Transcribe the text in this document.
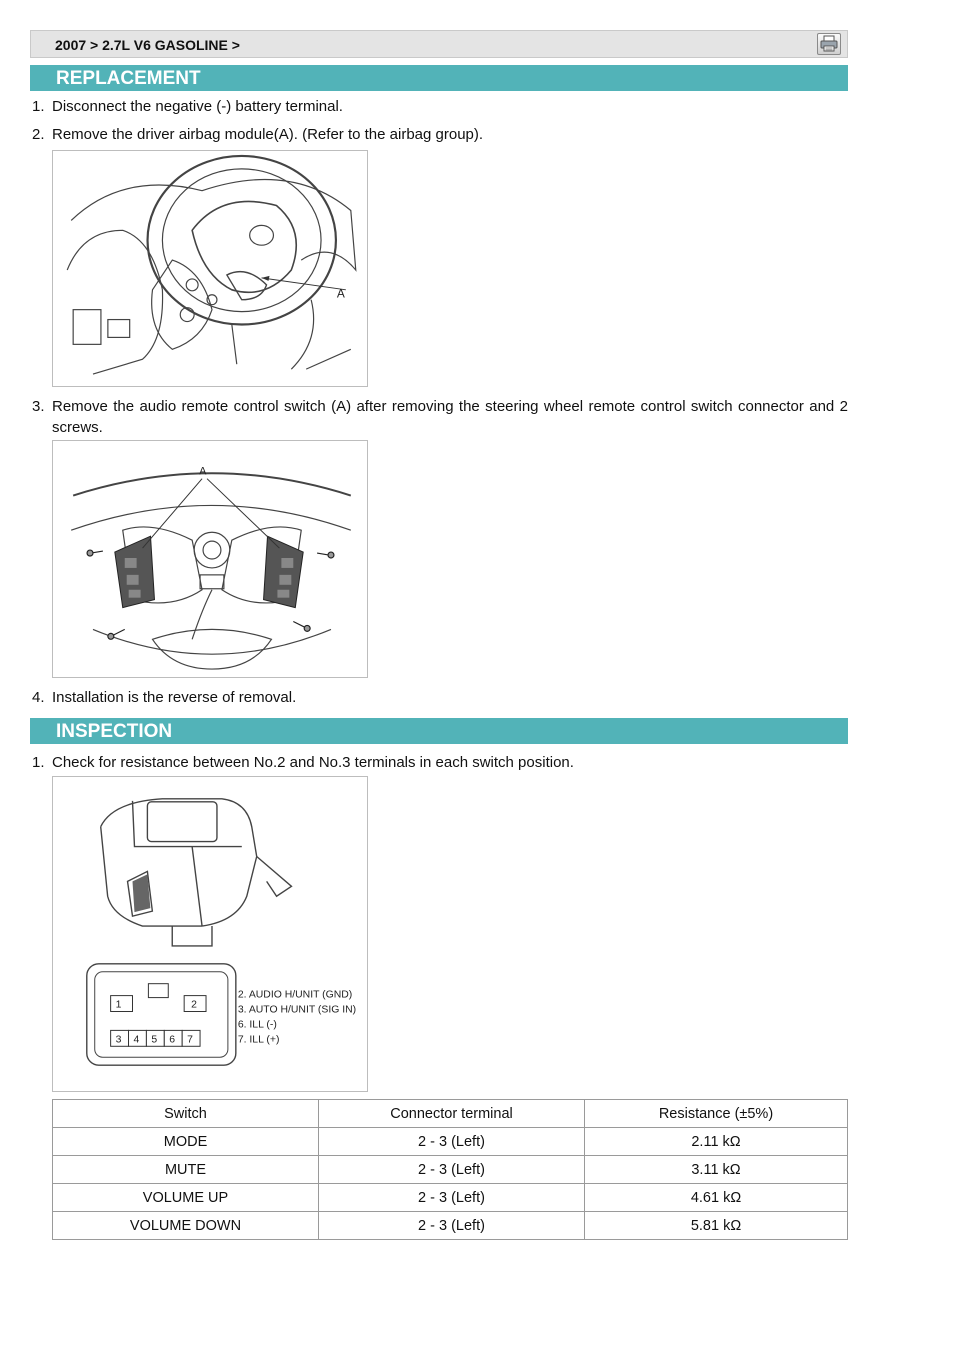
2007 > 2.7L V6 GASOLINE >
REPLACEMENT
1. Disconnect the negative (-) battery terminal.
2. Remove the driver airbag module(A). (Refer to the airbag group).
A
3. Remove the audio remote control switch (A) after removing the steering wheel remote control switch connector and 2 screws.
A
4. Installation is the reverse of removal.
INSPECTION
1. Check for resistance between No.2 and No.3 terminals in each switch position.
1	2
3 4 5 6 7
2. AUDIO H/UNIT (GND)
3. AUTO H/UNIT (SIG IN)
6. ILL (-)
7. ILL (+)
Switch	Connector terminal	Resistance (±5%)
MODE	2 - 3 (Left)	2.11 kΩ
MUTE	2 - 3 (Left)	3.11 kΩ
VOLUME UP	2 - 3 (Left)	4.61 kΩ
VOLUME DOWN	2 - 3 (Left)	5.81 kΩ
